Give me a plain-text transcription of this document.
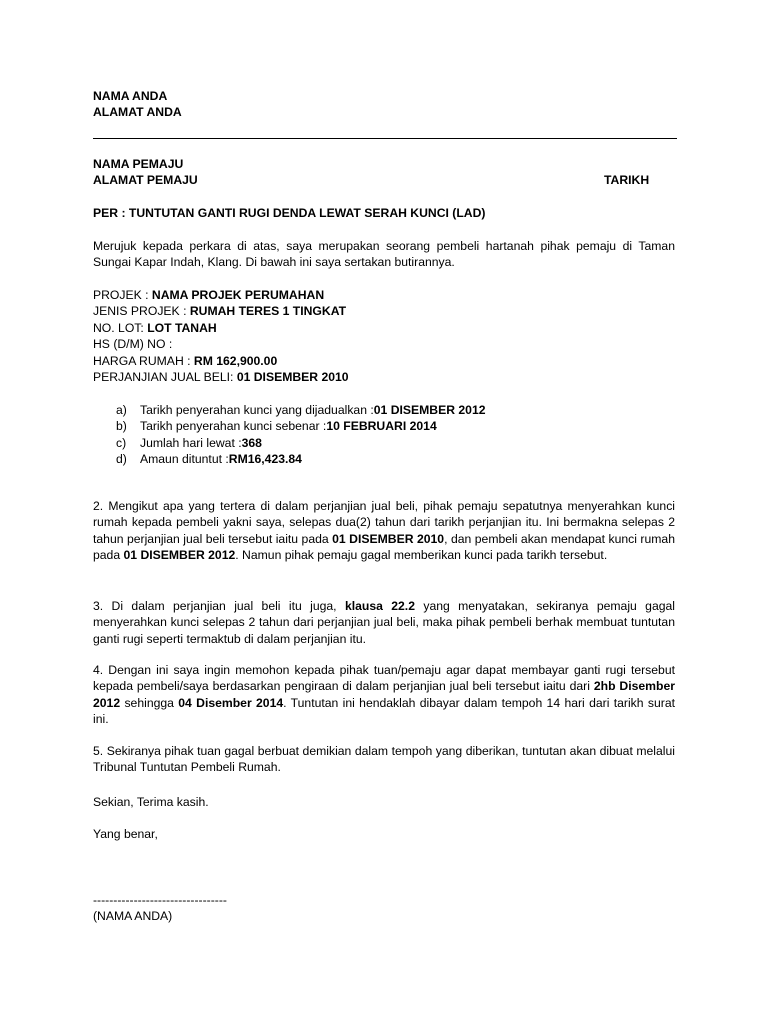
NAMA ANDA
ALAMAT ANDA
NAMA PEMAJU
ALAMAT PEMAJU	TARIKH
PER : TUNTUTAN GANTI RUGI DENDA LEWAT SERAH KUNCI (LAD)
Merujuk kepada perkara di atas, saya merupakan seorang pembeli hartanah pihak pemaju di Taman Sungai Kapar Indah, Klang. Di bawah ini saya sertakan butirannya.
PROJEK : NAMA PROJEK PERUMAHAN
JENIS PROJEK : RUMAH TERES 1 TINGKAT
NO. LOT: LOT TANAH
HS (D/M) NO :
HARGA RUMAH : RM 162,900.00
PERJANJIAN JUAL BELI: 01 DISEMBER 2010
a)	Tarikh penyerahan kunci yang dijadualkan : 01 DISEMBER 2012
b)	Tarikh penyerahan kunci sebenar : 10 FEBRUARI 2014
c)	Jumlah hari lewat : 368
d)	Amaun dituntut : RM16,423.84
2. Mengikut apa yang tertera di dalam perjanjian jual beli, pihak pemaju sepatutnya menyerahkan kunci rumah kepada pembeli yakni saya, selepas dua(2) tahun dari tarikh perjanjian itu. Ini bermakna selepas 2 tahun perjanjian jual beli tersebut iaitu pada 01 DISEMBER 2010, dan pembeli akan mendapat kunci rumah pada 01 DISEMBER 2012. Namun pihak pemaju gagal memberikan kunci pada tarikh tersebut.
3. Di dalam perjanjian jual beli itu juga, klausa 22.2 yang menyatakan, sekiranya pemaju gagal menyerahkan kunci selepas 2 tahun dari perjanjian jual beli, maka pihak pembeli berhak membuat tuntutan ganti rugi seperti termaktub di dalam perjanjian itu.
4. Dengan ini saya ingin memohon kepada pihak tuan/pemaju agar dapat membayar ganti rugi tersebut kepada pembeli/saya berdasarkan pengiraan di dalam perjanjian jual beli tersebut iaitu dari 2hb Disember 2012 sehingga 04 Disember 2014. Tuntutan ini hendaklah dibayar dalam tempoh 14 hari dari tarikh surat ini.
5. Sekiranya pihak tuan gagal berbuat demikian dalam tempoh yang diberikan, tuntutan akan dibuat melalui Tribunal Tuntutan Pembeli Rumah.
Sekian, Terima kasih.
Yang benar,
---------------------------------
(NAMA ANDA)
